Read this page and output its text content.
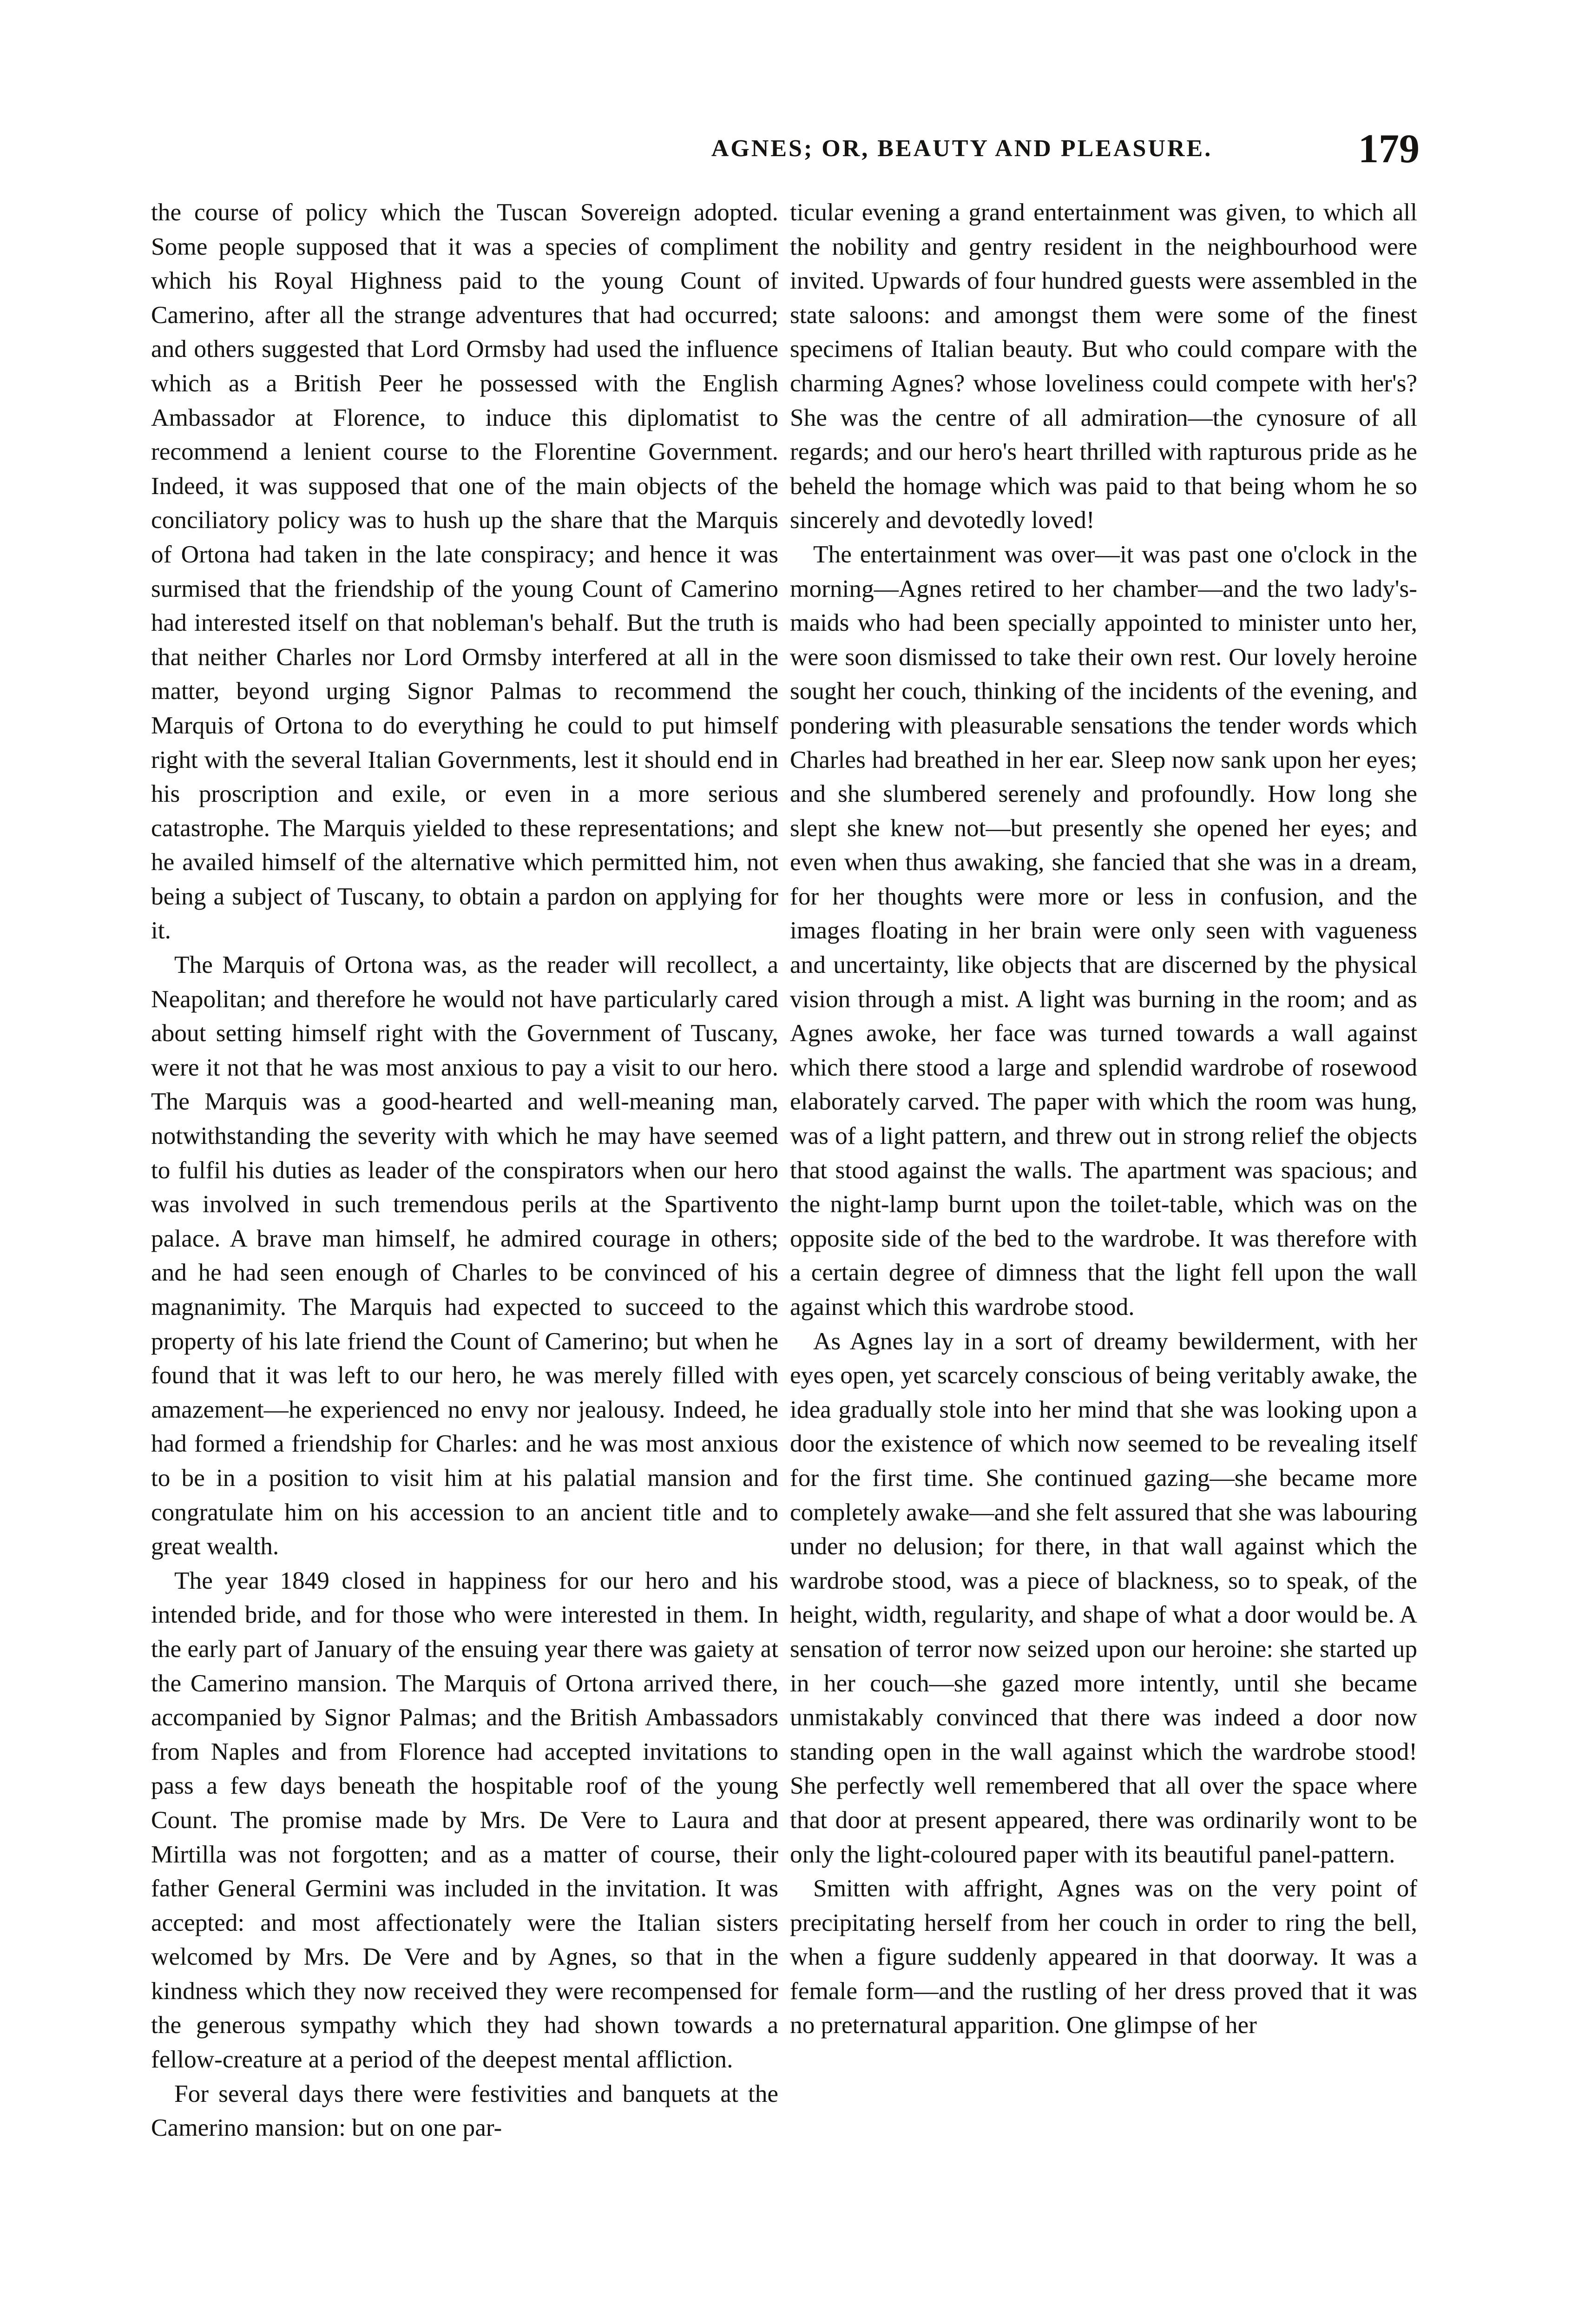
AGNES; OR, BEAUTY AND PLEASURE.	179

the course of policy which the Tuscan Sovereign adopted. Some people supposed that it was a species of compliment which his Royal Highness paid to the young Count of Camerino, after all the strange adventures that had occurred; and others suggested that Lord Ormsby had used the influence which as a British Peer he possessed with the English Ambassador at Florence, to induce this diplomatist to recommend a lenient course to the Florentine Government. Indeed, it was supposed that one of the main objects of the conciliatory policy was to hush up the share that the Marquis of Ortona had taken in the late conspiracy; and hence it was surmised that the friendship of the young Count of Camerino had interested itself on that nobleman's behalf. But the truth is that neither Charles nor Lord Ormsby interfered at all in the matter, beyond urging Signor Palmas to recommend the Marquis of Ortona to do everything he could to put himself right with the several Italian Governments, lest it should end in his proscription and exile, or even in a more serious catastrophe. The Marquis yielded to these representations; and he availed himself of the alternative which permitted him, not being a subject of Tuscany, to obtain a pardon on applying for it.

The Marquis of Ortona was, as the reader will recollect, a Neapolitan; and therefore he would not have particularly cared about setting himself right with the Government of Tuscany, were it not that he was most anxious to pay a visit to our hero. The Marquis was a good-hearted and well-meaning man, notwithstanding the severity with which he may have seemed to fulfil his duties as leader of the conspirators when our hero was involved in such tremendous perils at the Spartivento palace. A brave man himself, he admired courage in others; and he had seen enough of Charles to be convinced of his magnanimity. The Marquis had expected to succeed to the property of his late friend the Count of Camerino; but when he found that it was left to our hero, he was merely filled with amazement—he experienced no envy nor jealousy. Indeed, he had formed a friendship for Charles: and he was most anxious to be in a position to visit him at his palatial mansion and congratulate him on his accession to an ancient title and to great wealth.

The year 1849 closed in happiness for our hero and his intended bride, and for those who were interested in them. In the early part of January of the ensuing year there was gaiety at the Camerino mansion. The Marquis of Ortona arrived there, accompanied by Signor Palmas; and the British Ambassadors from Naples and from Florence had accepted invitations to pass a few days beneath the hospitable roof of the young Count. The promise made by Mrs. De Vere to Laura and Mirtilla was not forgotten; and as a matter of course, their father General Germini was included in the invitation. It was accepted: and most affectionately were the Italian sisters welcomed by Mrs. De Vere and by Agnes, so that in the kindness which they now received they were recompensed for the generous sympathy which they had shown towards a fellow-creature at a period of the deepest mental affliction.

For several days there were festivities and banquets at the Camerino mansion: but on one par-

ticular evening a grand entertainment was given, to which all the nobility and gentry resident in the neighbourhood were invited. Upwards of four hundred guests were assembled in the state saloons: and amongst them were some of the finest specimens of Italian beauty. But who could compare with the charming Agnes? whose loveliness could compete with her's? She was the centre of all admiration—the cynosure of all regards; and our hero's heart thrilled with rapturous pride as he beheld the homage which was paid to that being whom he so sincerely and devotedly loved!

The entertainment was over—it was past one o'clock in the morning—Agnes retired to her chamber—and the two lady's-maids who had been specially appointed to minister unto her, were soon dismissed to take their own rest. Our lovely heroine sought her couch, thinking of the incidents of the evening, and pondering with pleasurable sensations the tender words which Charles had breathed in her ear. Sleep now sank upon her eyes; and she slumbered serenely and profoundly. How long she slept she knew not—but presently she opened her eyes; and even when thus awaking, she fancied that she was in a dream, for her thoughts were more or less in confusion, and the images floating in her brain were only seen with vagueness and uncertainty, like objects that are discerned by the physical vision through a mist. A light was burning in the room; and as Agnes awoke, her face was turned towards a wall against which there stood a large and splendid wardrobe of rosewood elaborately carved. The paper with which the room was hung, was of a light pattern, and threw out in strong relief the objects that stood against the walls. The apartment was spacious; and the night-lamp burnt upon the toilet-table, which was on the opposite side of the bed to the wardrobe. It was therefore with a certain degree of dimness that the light fell upon the wall against which this wardrobe stood.

As Agnes lay in a sort of dreamy bewilderment, with her eyes open, yet scarcely conscious of being veritably awake, the idea gradually stole into her mind that she was looking upon a door the existence of which now seemed to be revealing itself for the first time. She continued gazing—she became more completely awake—and she felt assured that she was labouring under no delusion; for there, in that wall against which the wardrobe stood, was a piece of blackness, so to speak, of the height, width, regularity, and shape of what a door would be. A sensation of terror now seized upon our heroine: she started up in her couch—she gazed more intently, until she became unmistakably convinced that there was indeed a door now standing open in the wall against which the wardrobe stood! She perfectly well remembered that all over the space where that door at present appeared, there was ordinarily wont to be only the light-coloured paper with its beautiful panel-pattern.

Smitten with affright, Agnes was on the very point of precipitating herself from her couch in order to ring the bell, when a figure suddenly appeared in that doorway. It was a female form—and the rustling of her dress proved that it was no preternatural apparition. One glimpse of her
